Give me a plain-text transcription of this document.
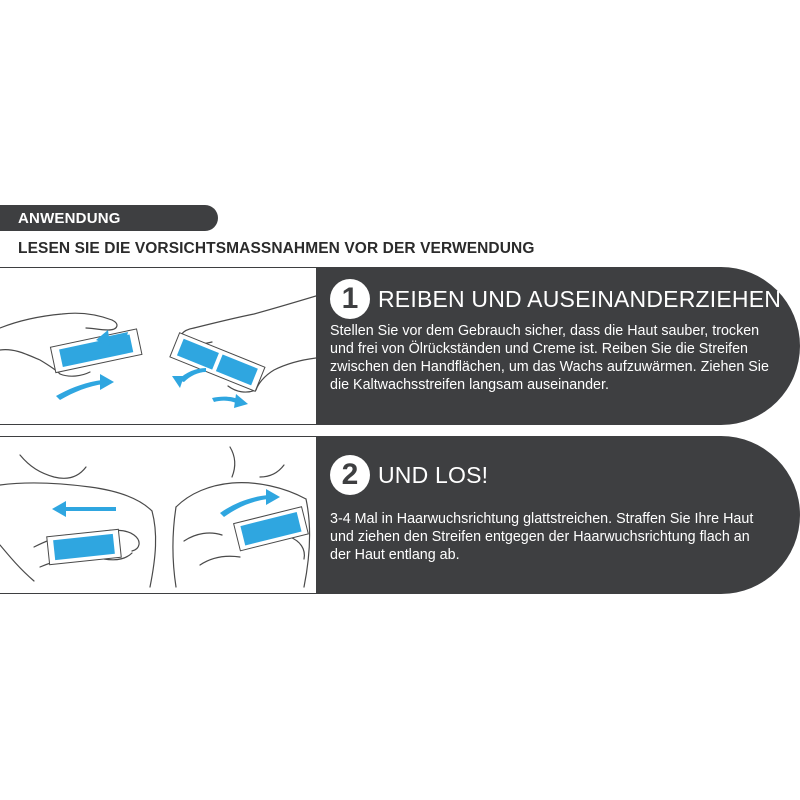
ANWENDUNG
LESEN SIE DIE VORSICHTSMASSNAHMEN VOR DER VERWENDUNG
1 REIBEN UND AUSEINANDERZIEHEN
Stellen Sie vor dem Gebrauch sicher, dass die Haut sauber, trocken und frei von Ölrückständen und Creme ist. Reiben Sie die Streifen zwischen den Handflächen, um das Wachs aufzuwärmen. Ziehen Sie die Kaltwachsstreifen langsam auseinander.
2 UND LOS!
3-4 Mal in Haarwuchsrichtung glattstreichen. Straffen Sie Ihre Haut und ziehen den Streifen entgegen der Haarwuchsrichtung flach an der Haut entlang ab.
